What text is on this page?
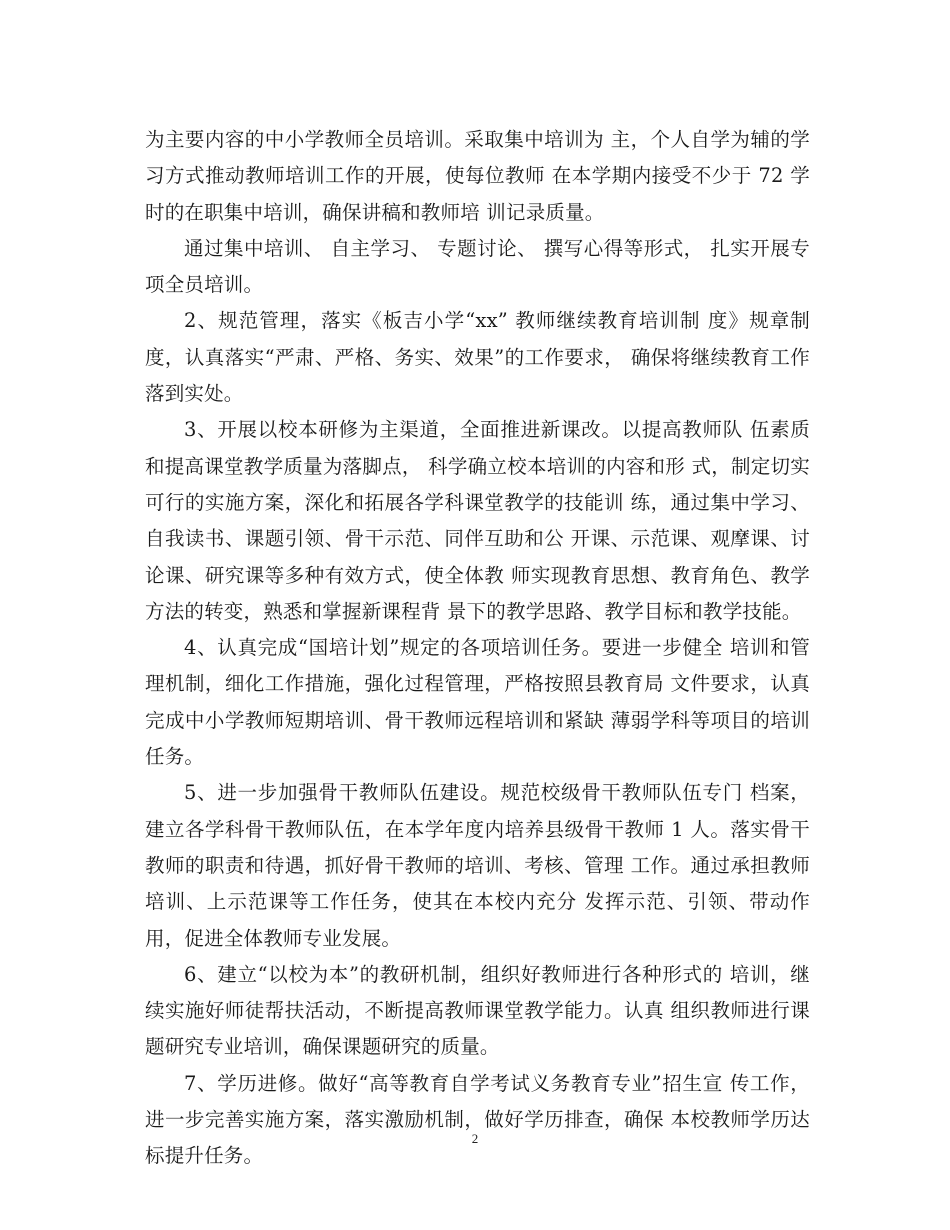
为主要内容的中小学教师全员培训。采取集中培训为 主，个人自学为辅的学习方式推动教师培训工作的开展，使每位教师 在本学期内接受不少于 72 学时的在职集中培训，确保讲稿和教师培 训记录质量。

通过集中培训、 自主学习、 专题讨论、 撰写心得等形式， 扎实开展专项全员培训。

2、规范管理，落实《板吉小学“xx” 教师继续教育培训制 度》规章制度，认真落实“严肃、严格、务实、效果”的工作要求， 确保将继续教育工作落到实处。

3、开展以校本研修为主渠道，全面推进新课改。以提高教师队 伍素质和提高课堂教学质量为落脚点， 科学确立校本培训的内容和形 式，制定切实可行的实施方案，深化和拓展各学科课堂教学的技能训 练，通过集中学习、自我读书、课题引领、骨干示范、同伴互助和公 开课、示范课、观摩课、讨论课、研究课等多种有效方式，使全体教 师实现教育思想、教育角色、教学方法的转变，熟悉和掌握新课程背 景下的教学思路、教学目标和教学技能。

4、认真完成“国培计划”规定的各项培训任务。要进一步健全 培训和管理机制，细化工作措施，强化过程管理，严格按照县教育局 文件要求，认真完成中小学教师短期培训、骨干教师远程培训和紧缺 薄弱学科等项目的培训任务。

5、进一步加强骨干教师队伍建设。规范校级骨干教师队伍专门 档案，建立各学科骨干教师队伍，在本学年度内培养县级骨干教师 1 人。落实骨干教师的职责和待遇，抓好骨干教师的培训、考核、管理 工作。通过承担教师培训、上示范课等工作任务，使其在本校内充分 发挥示范、引领、带动作用，促进全体教师专业发展。

6、建立“以校为本”的教研机制，组织好教师进行各种形式的 培训，继续实施好师徒帮扶活动，不断提高教师课堂教学能力。认真 组织教师进行课题研究专业培训，确保课题研究的质量。

7、学历进修。做好“高等教育自学考试义务教育专业”招生宣 传工作，进一步完善实施方案，落实激励机制，做好学历排查，确保 本校教师学历达标提升任务。

2
